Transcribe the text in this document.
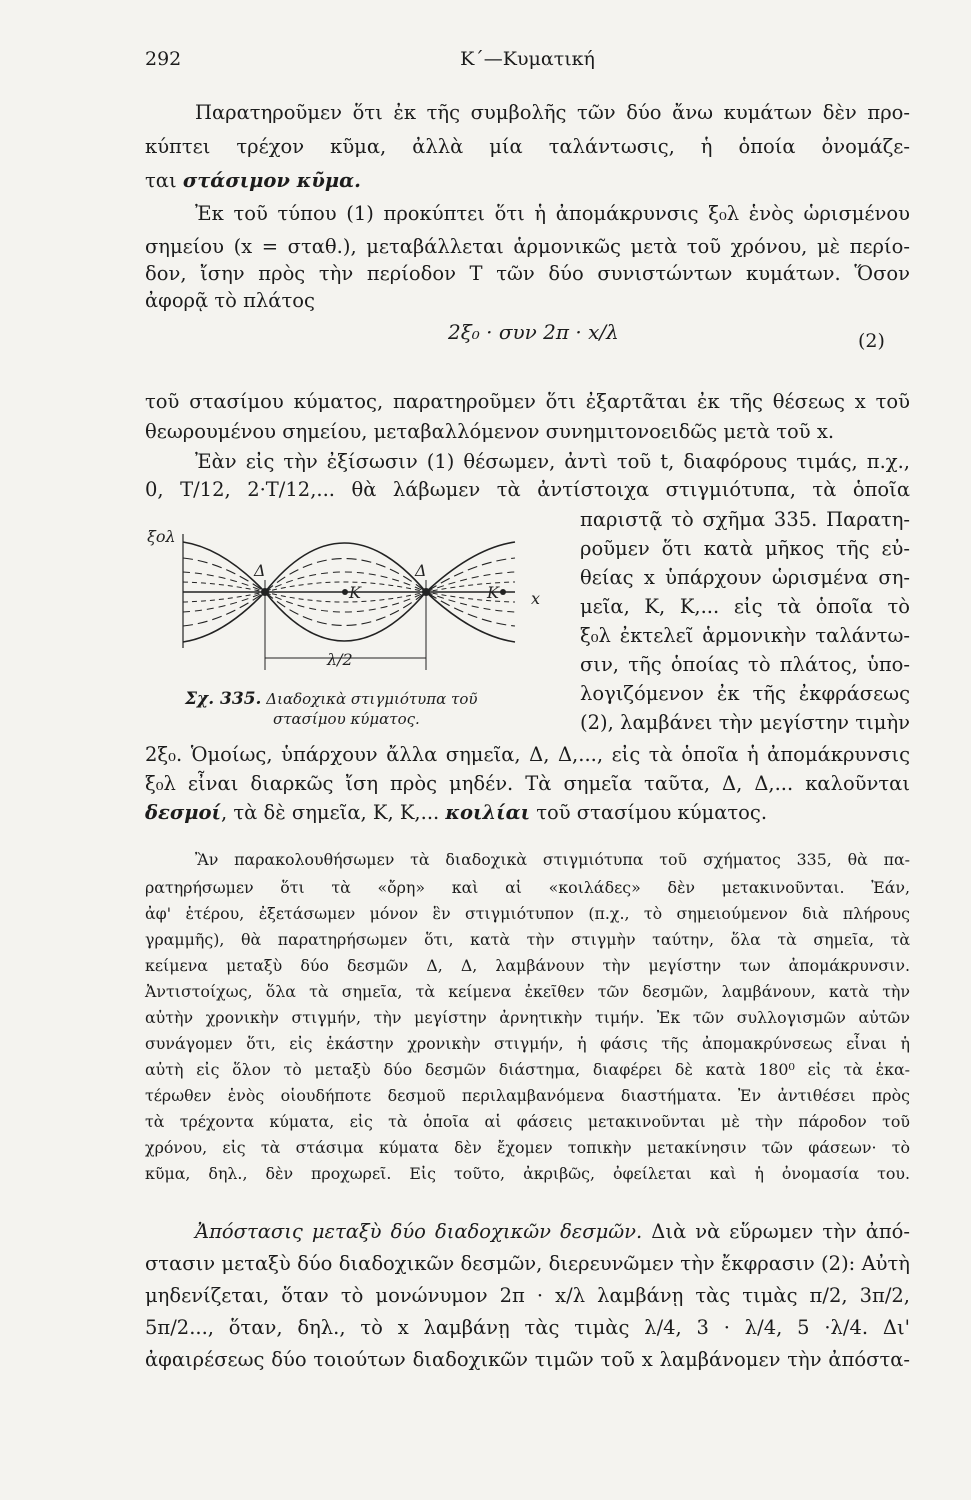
292	Κ΄—Κυματική
Παρατηροῦμεν ὅτι ἐκ τῆς συμβολῆς τῶν δύο ἄνω κυμάτων δὲν προ-
κύπτει τρέχον κῦμα, ἀλλὰ μία ταλάντωσις, ἡ ὁποία ὀνομάζε-
ται στάσιμον κῦμα.
Ἐκ τοῦ τύπου (1) προκύπτει ὅτι ἡ ἀπομάκρυνσις ξ₀λ ἑνὸς ὡρισμένου
σημείου (x = σταθ.), μεταβάλλεται ἁρμονικῶς μετὰ τοῦ χρόνου, μὲ περίο-
δον, ἴσην πρὸς τὴν περίοδον T τῶν δύο συνιστώντων κυμάτων. Ὅσον
ἀφορᾷ τὸ πλάτος
2ξ₀ · συν 2π · x/λ	(2)
τοῦ στασίμου κύματος, παρατηροῦμεν ὅτι ἐξαρτᾶται ἐκ τῆς θέσεως x τοῦ
θεωρουμένου σημείου, μεταβαλλόμενον συνημιτονοειδῶς μετὰ τοῦ x.
Ἐὰν εἰς τὴν ἐξίσωσιν (1) θέσωμεν, ἀντὶ τοῦ t, διαφόρους τιμάς, π.χ.,
0, T/12, 2·T/12,... θὰ λάβωμεν τὰ ἀντίστοιχα στιγμιότυπα, τὰ ὁποῖα
παριστᾷ τὸ σχῆμα 335. Παρατη-
ροῦμεν ὅτι κατὰ μῆκος τῆς εὐ-
θείας x ὑπάρχουν ὡρισμένα ση-
μεῖα, Κ, Κ,... εἰς τὰ ὁποῖα τὸ
ξ₀λ ἐκτελεῖ ἁρμονικὴν ταλάντω-
σιν, τῆς ὁποίας τὸ πλάτος, ὑπο-
λογιζόμενον ἐκ τῆς ἐκφράσεως
(2), λαμβάνει τὴν μεγίστην τιμὴν
ξολ
Δ	Δ
Κ	Κ x
λ/2
Σχ. 335. Διαδοχικὰ στιγμιότυπα τοῦ
στασίμου κύματος.
2ξ₀. Ὁμοίως, ὑπάρχουν ἄλλα σημεῖα, Δ, Δ,..., εἰς τὰ ὁποῖα ἡ ἀπομάκρυνσις
ξ₀λ εἶναι διαρκῶς ἴση πρὸς μηδέν. Τὰ σημεῖα ταῦτα, Δ, Δ,... καλοῦνται
δεσμοί, τὰ δὲ σημεῖα, Κ, Κ,... κοιλίαι τοῦ στασίμου κύματος.
Ἂν παρακολουθήσωμεν τὰ διαδοχικὰ στιγμιότυπα τοῦ σχήματος 335, θὰ πα-
ρατηρήσωμεν ὅτι τὰ «ὄρη» καὶ αἱ «κοιλάδες» δὲν μετακινοῦνται. Ἐάν,
ἀφ' ἑτέρου, ἐξετάσωμεν μόνον ἓν στιγμιότυπον (π.χ., τὸ σημειούμενον διὰ πλήρους
γραμμῆς), θὰ παρατηρήσωμεν ὅτι, κατὰ τὴν στιγμὴν ταύτην, ὅλα τὰ σημεῖα, τὰ
κείμενα μεταξὺ δύο δεσμῶν Δ, Δ, λαμβάνουν τὴν μεγίστην των ἀπομάκρυνσιν.
Ἀντιστοίχως, ὅλα τὰ σημεῖα, τὰ κείμενα ἐκεῖθεν τῶν δεσμῶν, λαμβάνουν, κατὰ τὴν
αὐτὴν χρονικὴν στιγμήν, τὴν μεγίστην ἀρνητικὴν τιμήν. Ἐκ τῶν συλλογισμῶν αὐτῶν
συνάγομεν ὅτι, εἰς ἑκάστην χρονικὴν στιγμήν, ἡ φάσις τῆς ἀπομακρύνσεως εἶναι ἡ
αὐτὴ εἰς ὅλον τὸ μεταξὺ δύο δεσμῶν διάστημα, διαφέρει δὲ κατὰ 180⁰ εἰς τὰ ἑκα-
τέρωθεν ἑνὸς οἱουδήποτε δεσμοῦ περιλαμβανόμενα διαστήματα. Ἐν ἀντιθέσει πρὸς
τὰ τρέχοντα κύματα, εἰς τὰ ὁποῖα αἱ φάσεις μετακινοῦνται μὲ τὴν πάροδον τοῦ
χρόνου, εἰς τὰ στάσιμα κύματα δὲν ἔχομεν τοπικὴν μετακίνησιν τῶν φάσεων· τὸ
κῦμα, δηλ., δὲν προχωρεῖ. Εἰς τοῦτο, ἀκριβῶς, ὀφείλεται καὶ ἡ ὀνομασία του.
Ἀπόστασις μεταξὺ δύο διαδοχικῶν δεσμῶν. Διὰ νὰ εὕρωμεν τὴν ἀπό-
στασιν μεταξὺ δύο διαδοχικῶν δεσμῶν, διερευνῶμεν τὴν ἔκφρασιν (2): Αὐτὴ
μηδενίζεται, ὅταν τὸ μονώνυμον 2π · x/λ λαμβάνῃ τὰς τιμὰς π/2, 3π/2,
5π/2..., ὅταν, δηλ., τὸ x λαμβάνῃ τὰς τιμὰς λ/4, 3 · λ/4, 5 ·λ/4. Δι'
ἀφαιρέσεως δύο τοιούτων διαδοχικῶν τιμῶν τοῦ x λαμβάνομεν τὴν ἀπόστα-
